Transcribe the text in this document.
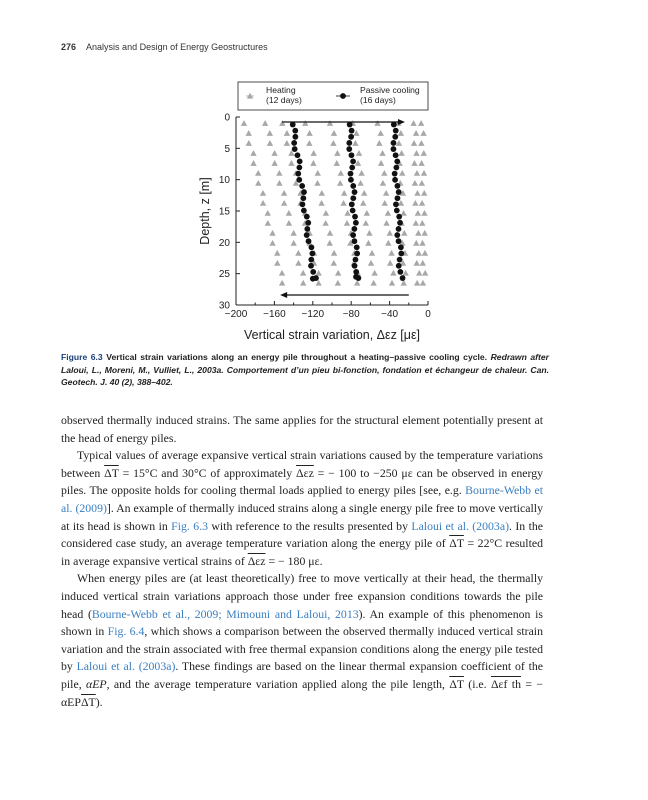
276 Analysis and Design of Energy Geostructures
−200 −160 −120 −80 −40	0
0
5
10
15
20
25
30
Vertical strain variation, Δεz [με]
Depth, z [m]
Heating
(12 days)
Passive cooling
(16 days)
Figure 6.3 Vertical strain variations along an energy pile throughout a heating–passive cooling cycle. Redrawn after Laloui, L., Moreni, M., Vulliet, L., 2003a. Comportement d’un pieu bi-fonction, fondation et échangeur de chaleur. Can. Geotech. J. 40 (2), 388–402.

observed thermally induced strains. The same applies for the structural element potentially present at the head of energy piles.

Typical values of average expansive vertical strain variations caused by the temperature variations between $\overline{\Delta T} = 15^\circ C$ and 30°C of approximately $\overline{\Delta\varepsilon z}$ = − 100 to −250 με can be observed in energy piles. The opposite holds for cooling thermal loads applied to energy piles [see, e.g. Bourne-Webb et al. (2009)]. An example of thermally induced strains along a single energy pile free to move vertically at its head is shown in Fig. 6.3 with reference to the results presented by Laloui et al. (2003a). In the considered case study, an average temperature variation along the energy pile of $\overline{\Delta T} = 22^\circ C$ resulted in average expansive vertical strains of $\overline{\Delta\varepsilon z}$ = − 180 με.

When energy piles are (at least theoretically) free to move vertically at their head, the thermally induced vertical strain variations approach those under free expansion conditions towards the pile head (Bourne-Webb et al., 2009; Mimouni and Laloui, 2013). An example of this phenomenon is shown in Fig. 6.4, which shows a comparison between the observed thermally induced vertical strain variation and the strain associated with free thermal expansion conditions along the energy pile tested by Laloui et al. (2003a). These findings are based on the linear thermal expansion coefficient of the pile, αEP, and the average temperature variation applied along the pile length, $\overline{\Delta T}$ (i.e. Δεf th = − $\alpha EP\overline{\Delta T}$).
